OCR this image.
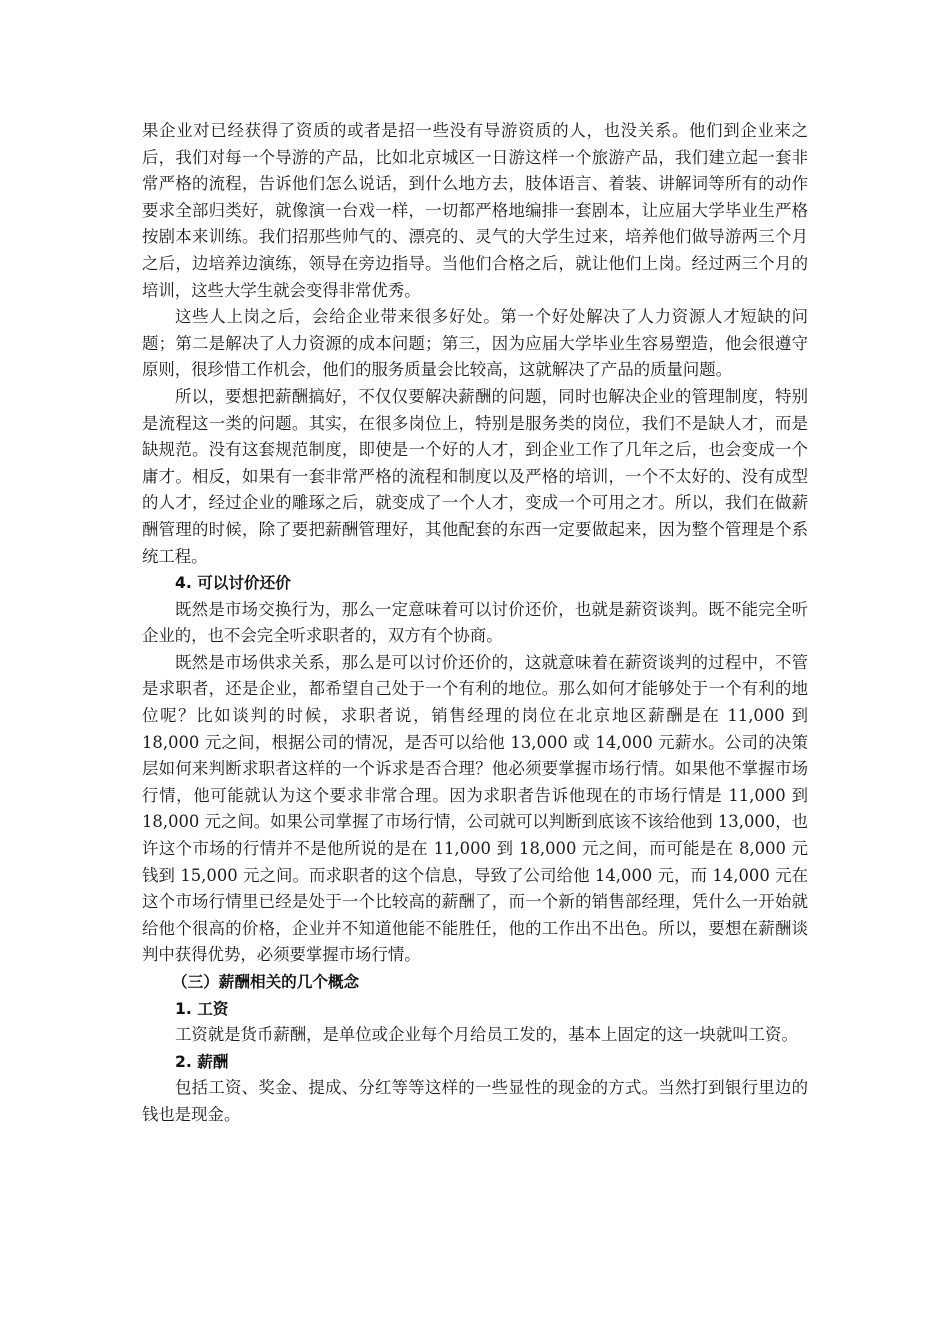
果企业对已经获得了资质的或者是招一些没有导游资质的人，也没关系。他们到企业来之后，我们对每一个导游的产品，比如北京城区一日游这样一个旅游产品，我们建立起一套非常严格的流程，告诉他们怎么说话，到什么地方去，肢体语言、着装、讲解词等所有的动作要求全部归类好，就像演一台戏一样，一切都严格地编排一套剧本，让应届大学毕业生严格按剧本来训练。我们招那些帅气的、漂亮的、灵气的大学生过来，培养他们做导游两三个月之后，边培养边演练，领导在旁边指导。当他们合格之后，就让他们上岗。经过两三个月的培训，这些大学生就会变得非常优秀。

这些人上岗之后，会给企业带来很多好处。第一个好处解决了人力资源人才短缺的问题；第二是解决了人力资源的成本问题；第三，因为应届大学毕业生容易塑造，他会很遵守原则，很珍惜工作机会，他们的服务质量会比较高，这就解决了产品的质量问题。

所以，要想把薪酬搞好，不仅仅要解决薪酬的问题，同时也解决企业的管理制度，特别是流程这一类的问题。其实，在很多岗位上，特别是服务类的岗位，我们不是缺人才，而是缺规范。没有这套规范制度，即使是一个好的人才，到企业工作了几年之后，也会变成一个庸才。相反，如果有一套非常严格的流程和制度以及严格的培训，一个不太好的、没有成型的人才，经过企业的雕琢之后，就变成了一个人才，变成一个可用之才。所以，我们在做薪酬管理的时候，除了要把薪酬管理好，其他配套的东西一定要做起来，因为整个管理是个系统工程。

4. 可以讨价还价

既然是市场交换行为，那么一定意味着可以讨价还价，也就是薪资谈判。既不能完全听企业的，也不会完全听求职者的，双方有个协商。

既然是市场供求关系，那么是可以讨价还价的，这就意味着在薪资谈判的过程中，不管是求职者，还是企业，都希望自己处于一个有利的地位。那么如何才能够处于一个有利的地位呢？比如谈判的时候，求职者说，销售经理的岗位在北京地区薪酬是在 11,000 到 18,000 元之间，根据公司的情况，是否可以给他 13,000 或 14,000 元薪水。公司的决策层如何来判断求职者这样的一个诉求是否合理？他必须要掌握市场行情。如果他不掌握市场行情，他可能就认为这个要求非常合理。因为求职者告诉他现在的市场行情是 11,000 到 18,000 元之间。如果公司掌握了市场行情，公司就可以判断到底该不该给他到 13,000，也许这个市场的行情并不是他所说的是在 11,000 到 18,000 元之间，而可能是在 8,000 元钱到 15,000 元之间。而求职者的这个信息，导致了公司给他 14,000 元，而 14,000 元在这个市场行情里已经是处于一个比较高的薪酬了，而一个新的销售部经理，凭什么一开始就给他个很高的价格，企业并不知道他能不能胜任，他的工作出不出色。所以，要想在薪酬谈判中获得优势，必须要掌握市场行情。

（三）薪酬相关的几个概念

1. 工资

工资就是货币薪酬，是单位或企业每个月给员工发的，基本上固定的这一块就叫工资。

2. 薪酬

包括工资、奖金、提成、分红等等这样的一些显性的现金的方式。当然打到银行里边的钱也是现金。
